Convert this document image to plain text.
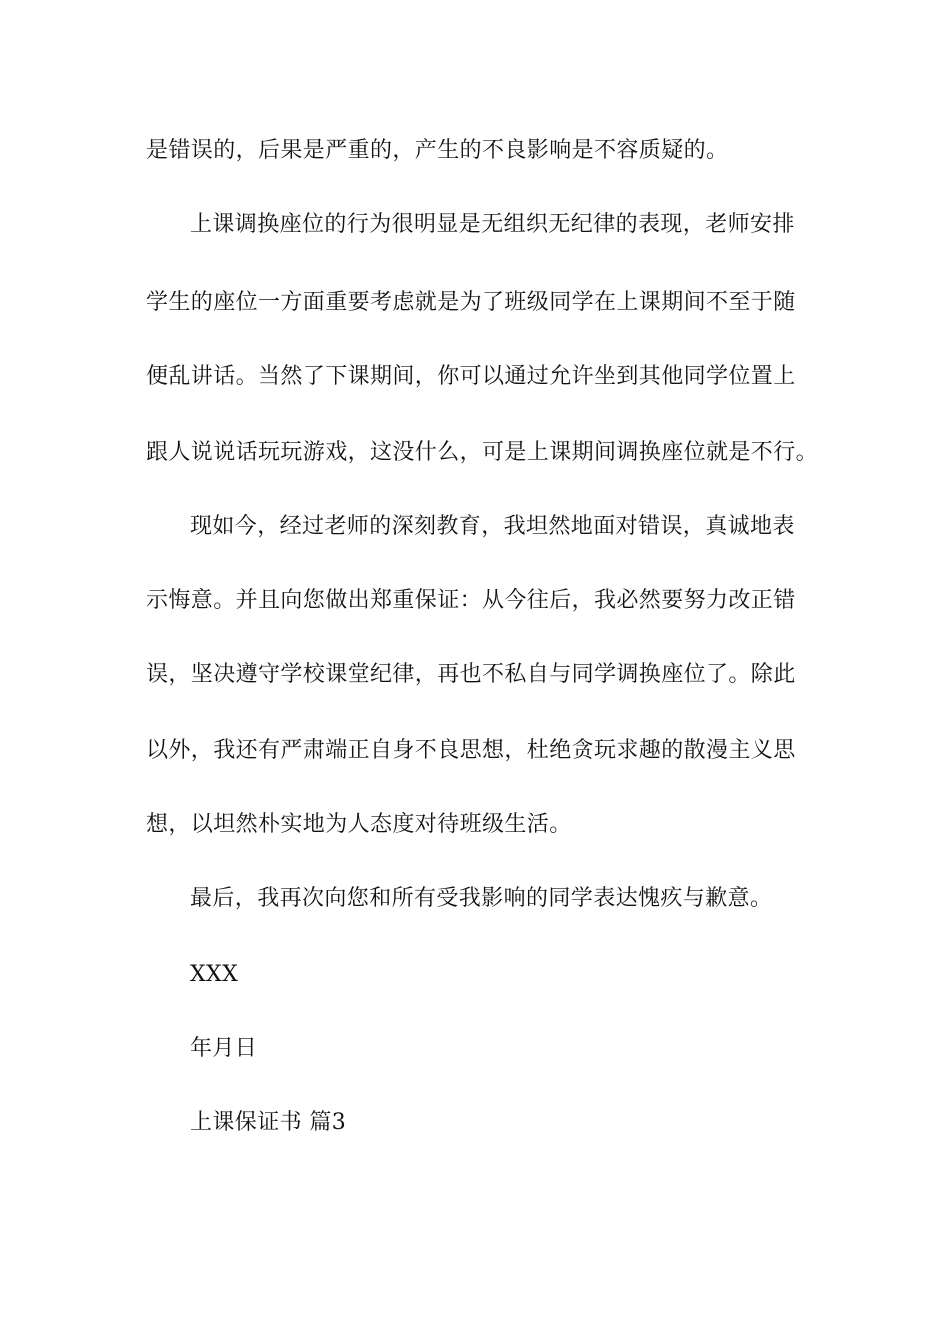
是错误的，后果是严重的，产生的不良影响是不容质疑的。
上课调换座位的行为很明显是无组织无纪律的表现，老师安排
学生的座位一方面重要考虑就是为了班级同学在上课期间不至于随
便乱讲话。当然了下课期间，你可以通过允许坐到其他同学位置上
跟人说说话玩玩游戏，这没什么，可是上课期间调换座位就是不行。
现如今，经过老师的深刻教育，我坦然地面对错误，真诚地表
示悔意。并且向您做出郑重保证：从今往后，我必然要努力改正错
误，坚决遵守学校课堂纪律，再也不私自与同学调换座位了。除此
以外，我还有严肃端正自身不良思想，杜绝贪玩求趣的散漫主义思
想，以坦然朴实地为人态度对待班级生活。
最后，我再次向您和所有受我影响的同学表达愧疚与歉意。
XXX
年月日
上课保证书 篇3
